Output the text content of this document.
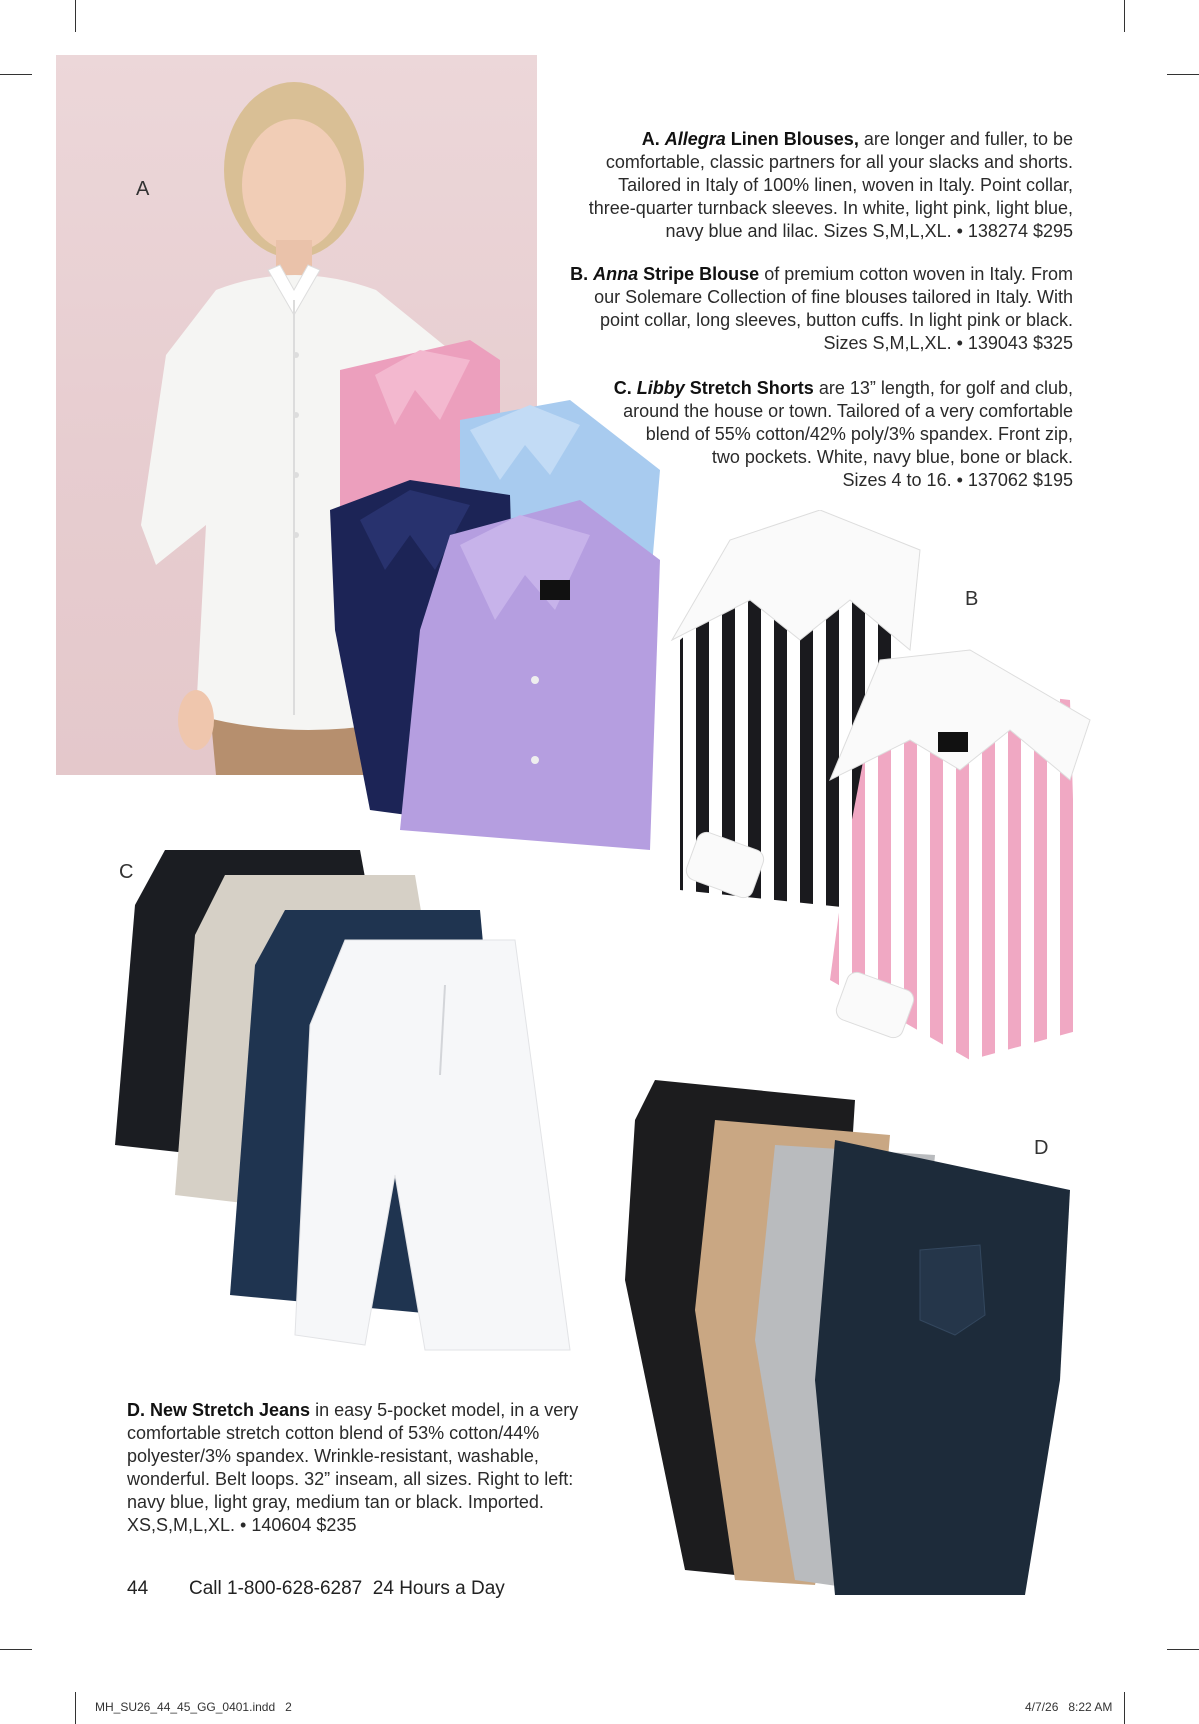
A
B
C
D
A. Allegra Linen Blouses, are longer and fuller, to be
comfortable, classic partners for all your slacks and shorts.
Tailored in Italy of 100% linen, woven in Italy. Point collar,
three-quarter turnback sleeves. In white, light pink, light blue,
navy blue and lilac. Sizes S,M,L,XL. • 138274 $295
B. Anna Stripe Blouse of premium cotton woven in Italy. From
our Solemare Collection of fine blouses tailored in Italy. With
point collar, long sleeves, button cuffs. In light pink or black.
Sizes S,M,L,XL. • 139043 $325
C. Libby Stretch Shorts are 13” length, for golf and club,
around the house or town. Tailored of a very comfortable
blend of 55% cotton/42% poly/3% spandex. Front zip,
two pockets. White, navy blue, bone or black.
Sizes 4 to 16. • 137062 $195
D. New Stretch Jeans in easy 5-pocket model, in a very
comfortable stretch cotton blend of 53% cotton/44%
polyester/3% spandex. Wrinkle-resistant, washable,
wonderful. Belt loops. 32” inseam, all sizes. Right to left:
navy blue, light gray, medium tan or black. Imported.
XS,S,M,L,XL. • 140604 $235
44 Call 1-800-628-6287  24 Hours a Day
MH_SU26_44_45_GG_0401.indd   2	4/7/26   8:22 AM
